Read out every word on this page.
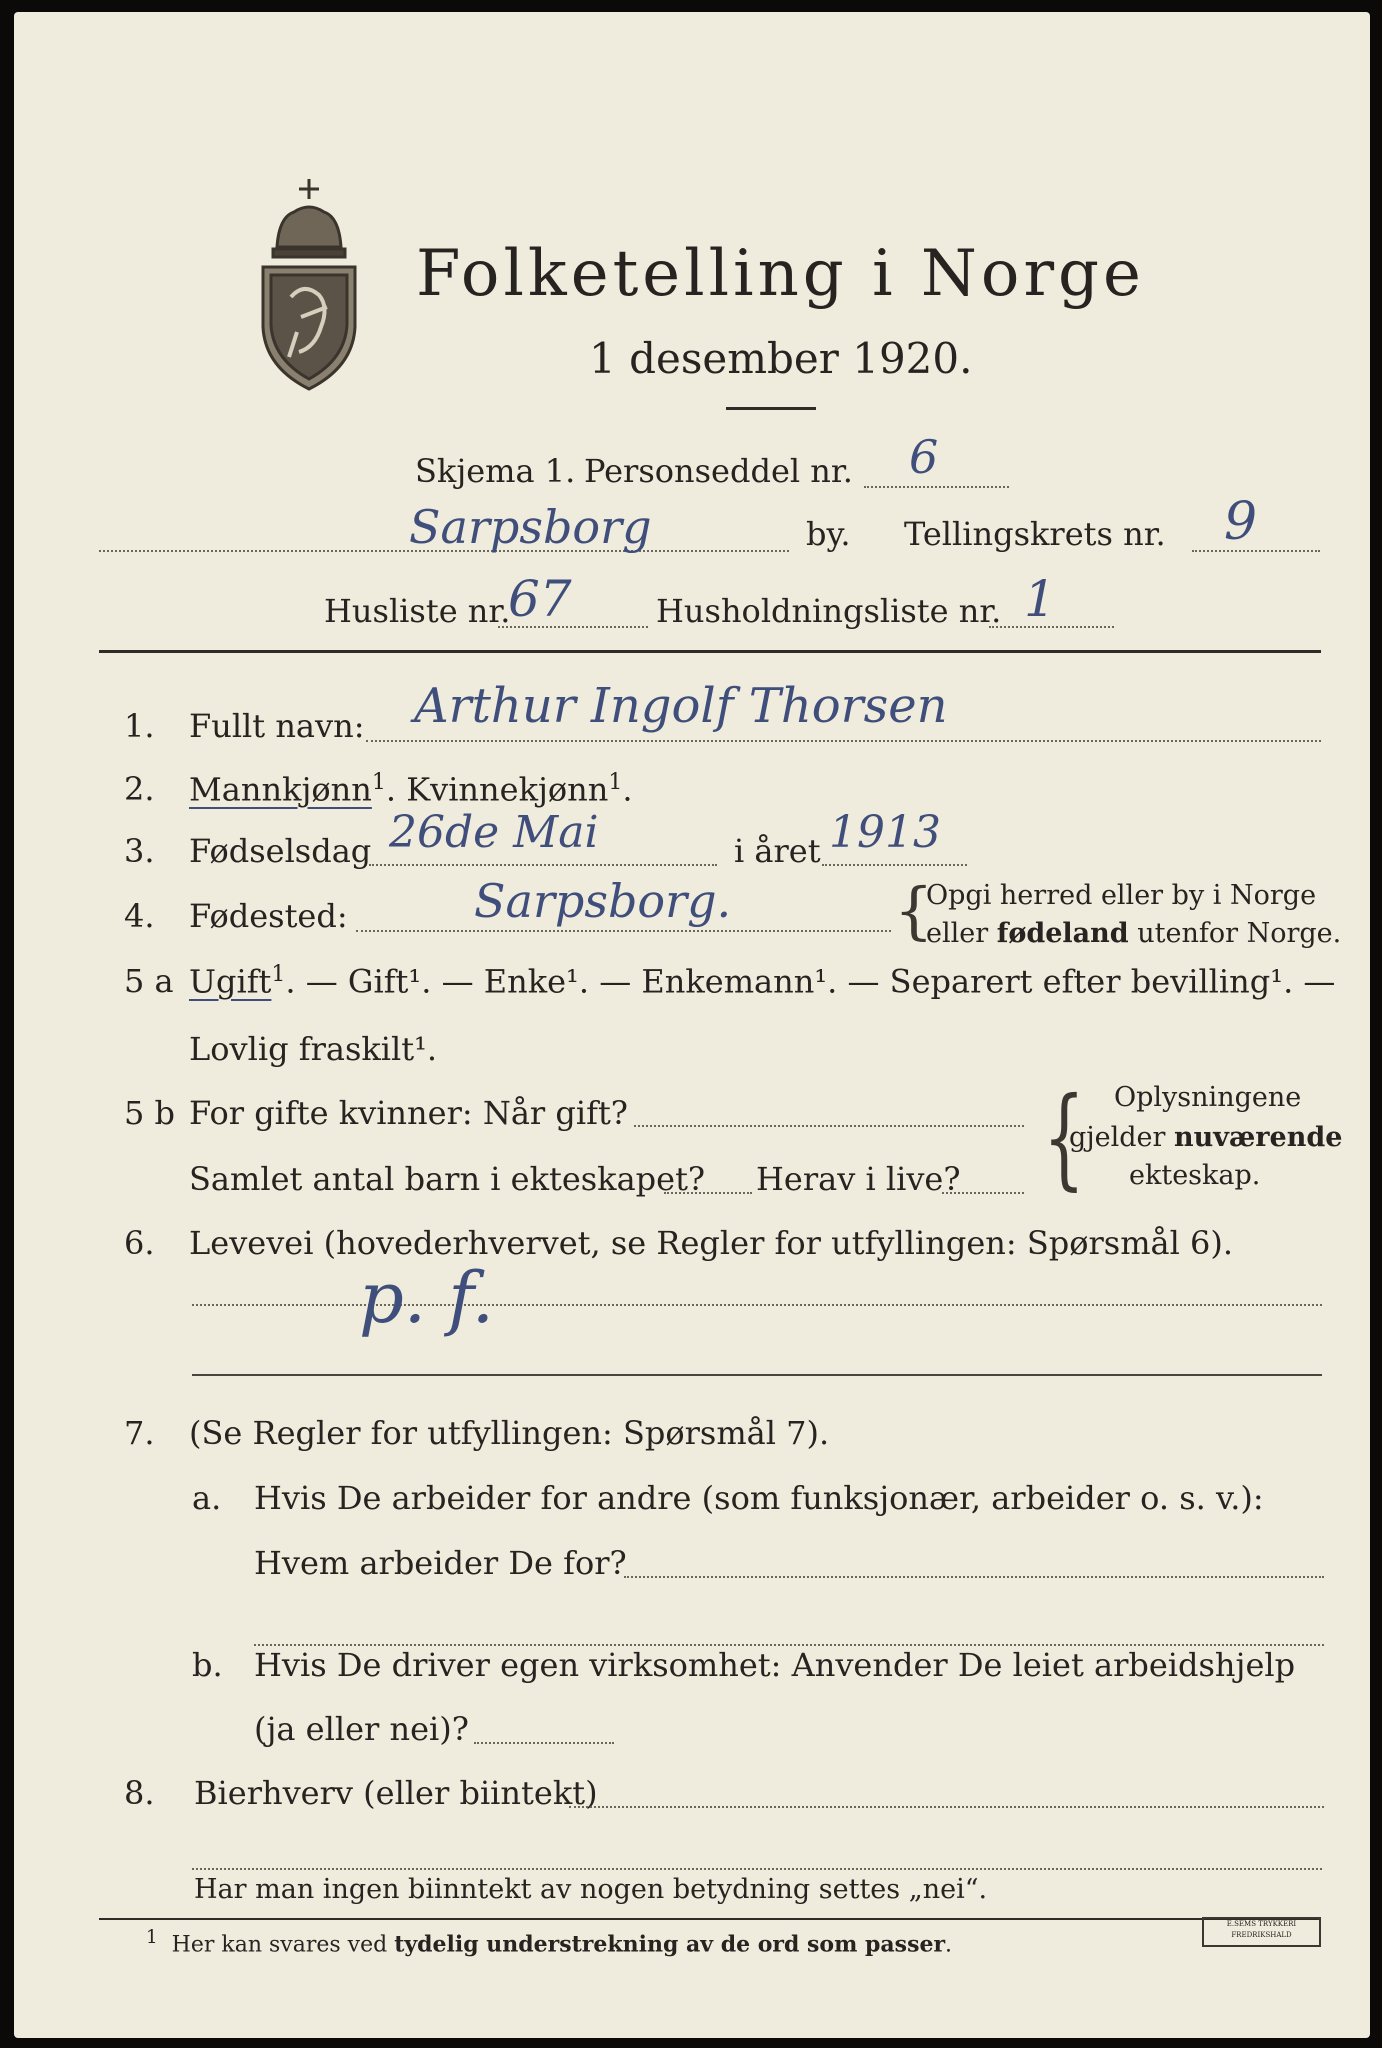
Folketelling i Norge
1 desember 1920.
Skjema 1. Personseddel nr. 6
Sarpsborg	by. Tellingskrets nr. 9
Husliste nr.
67	Husholdningsliste nr. 1
1. Fullt navn: Arthur Ingolf Thorsen
2. Mannkjønn$^1$. Kvinnekjønn$^1$.
3. Fødselsdag 26de Mai	i året 1913
4. Fødested:	Sarpsborg.	{
Opgi herred eller by i Norge
eller fødeland utenfor Norge.
5 a Ugift$^1$. — Gift¹. — Enke¹. — Enkemann¹. — Separert efter bevilling¹. —
Lovlig fraskilt¹.
5 b For gifte kvinner: Når gift?
Samlet antal barn i ekteskapet? Herav i live? { Oplysningene
gjelder nuværende
ekteskap.
6. Levevei (hovederhvervet, se Regler for utfyllingen: Spørsmål 6).
p. f.
7. (Se Regler for utfyllingen: Spørsmål 7).
a. Hvis De arbeider for andre (som funksjonær, arbeider o. s. v.):
Hvem arbeider De for?
b. Hvis De driver egen virksomhet: Anvender De leiet arbeidshjelp
(ja eller nei)?
8. Bierhverv (eller biintekt)
Har man ingen biinntekt av nogen betydning settes „nei“.
$^1$ Her kan svares ved tydelig understrekning av de ord som passer.
E.SEMS TRYKKERI
FREDRIKSHALD
